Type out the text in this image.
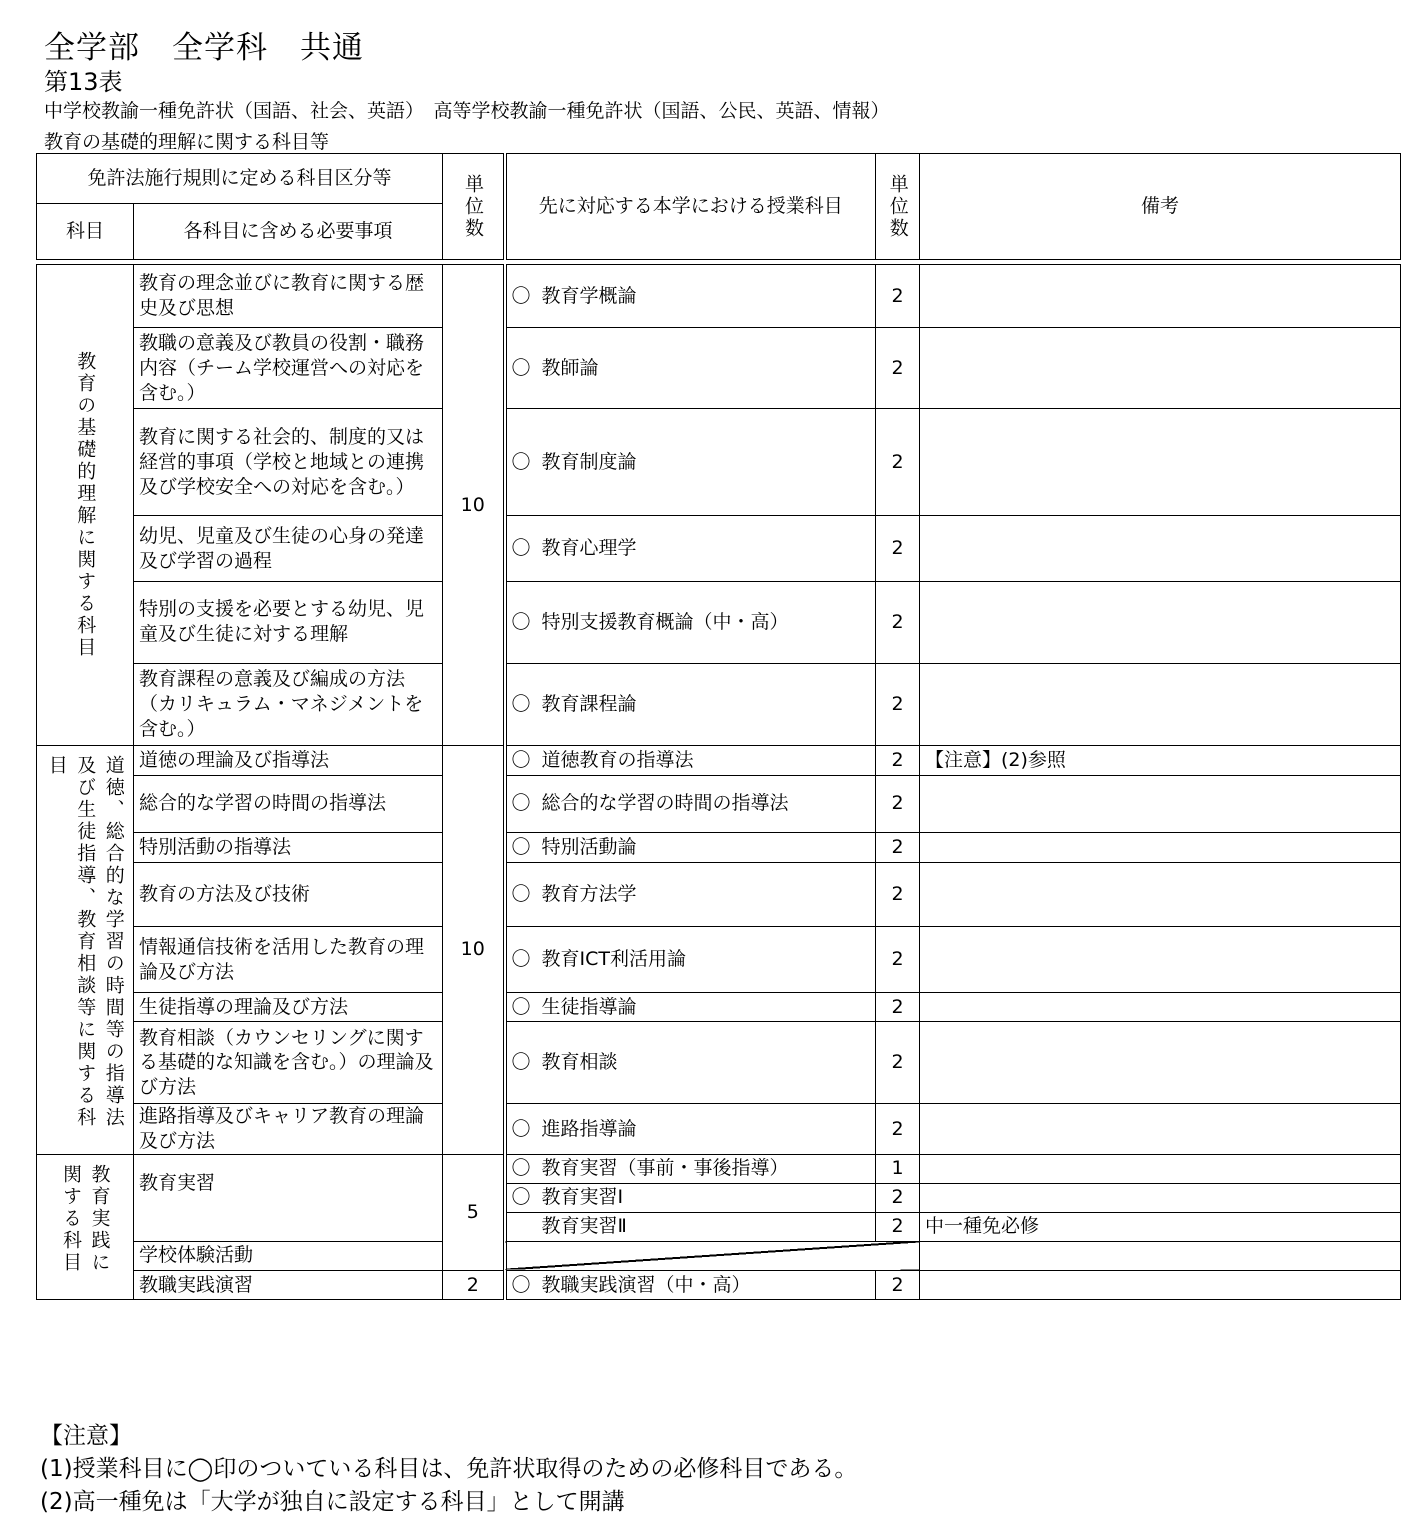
全学部　全学科　共通
第13表
中学校教諭一種免許状（国語、社会、英語）　高等学校教諭一種免許状（国語、公民、英語、情報）
教育の基礎的理解に関する科目等
免許法施行規則に定める科目区分等		単位数	先に対応する本学における授業科目	単位数	備考
科目	各科目に含める必要事項				

教育の基礎的理解に関する科目	教育の理念並びに教育に関する歴史及び思想	10	〇 教育学概論	2	
	教職の意義及び教員の役割・職務内容（チーム学校運営への対応を含む。）		〇 教師論	2	
	教育に関する社会的、制度的又は経営的事項（学校と地域との連携及び学校安全への対応を含む。）		〇 教育制度論	2	
	幼児、児童及び生徒の心身の発達及び学習の過程		〇 教育心理学	2	
	特別の支援を必要とする幼児、児童及び生徒に対する理解		〇 特別支援教育概論（中・高）	2	
	教育課程の意義及び編成の方法（カリキュラム・マネジメントを含む。）		〇 教育課程論	2	

道徳、総合的な学習の時間等の指導法及び生徒指導、教育相談等に関する科目	道徳の理論及び指導法	10	〇 道徳教育の指導法	2	【注意】(2)参照
	総合的な学習の時間の指導法		〇 総合的な学習の時間の指導法	2	
	特別活動の指導法		〇 特別活動論	2	
	教育の方法及び技術		〇 教育方法学	2	
	情報通信技術を活用した教育の理論及び方法		〇 教育ICT利活用論	2	
	生徒指導の理論及び方法		〇 生徒指導論	2	
	教育相談（カウンセリングに関する基礎的な知識を含む。）の理論及び方法		〇 教育相談	2	
	進路指導及びキャリア教育の理論及び方法		〇 進路指導論	2	

教育実践に関する科目	教育実習	5	〇 教育実習（事前・事後指導）	1	
			〇 教育実習Ⅰ	2	
			教育実習Ⅱ	2	中一種免必修
	学校体験活動				
	教職実践演習	2	〇 教職実践演習（中・高）	2	
【注意】
(1)授業科目に◯印のついている科目は、免許状取得のための必修科目である。
(2)高一種免は「大学が独自に設定する科目」として開講
